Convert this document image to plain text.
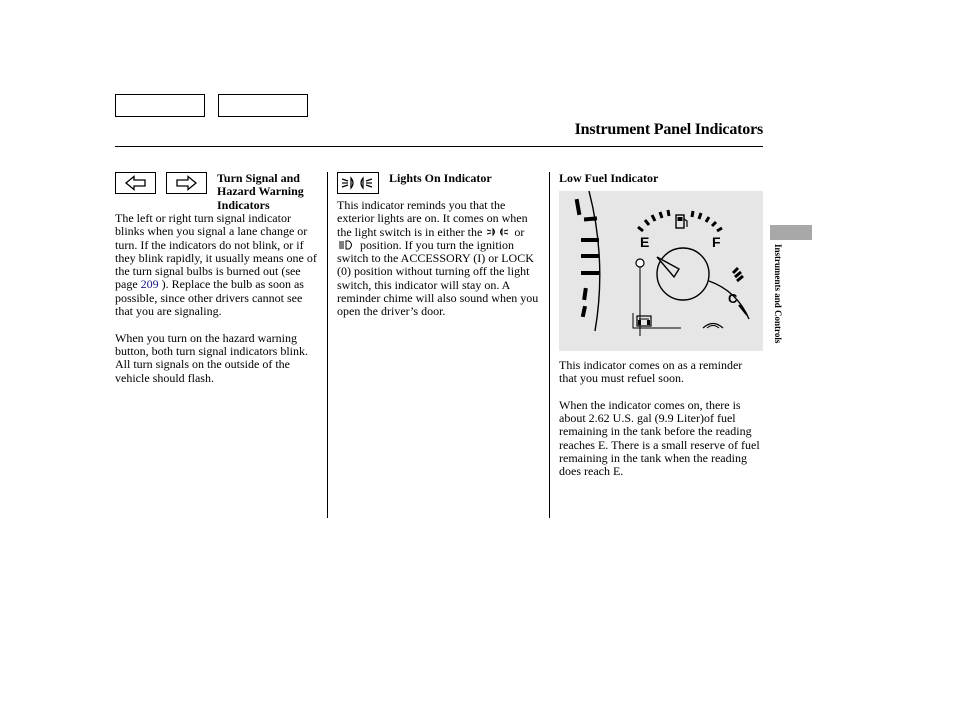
Instrument Panel Indicators
Instruments and Controls
Turn Signal and
Hazard Warning
Indicators

The left or right turn signal indicator blinks when you signal a lane change or turn. If the indicators do not blink, or if they blink rapidly, it usually means one of the turn signal bulbs is burned out (see page 209 ). Replace the bulb as soon as possible, since other drivers cannot see that you are signaling.

When you turn on the hazard warning button, both turn signal indicators blink. All turn signals on the outside of the vehicle should flash.

Lights On Indicator
This indicator reminds you that the exterior lights are on. It comes on when the light switch is in either the	or  position. If you turn the ignition switch to the ACCESSORY (I) or LOCK (0) position without turning off the light switch, this indicator will stay on. A reminder chime will also sound when you open the driver’s door.
Low Fuel Indicator
E	F
C

This indicator comes on as a reminder that you must refuel soon.

When the indicator comes on, there is about 2.62 U.S. gal (9.9 Liter)of fuel remaining in the tank before the reading reaches E. There is a small reserve of fuel remaining in the tank when the reading does reach E.
